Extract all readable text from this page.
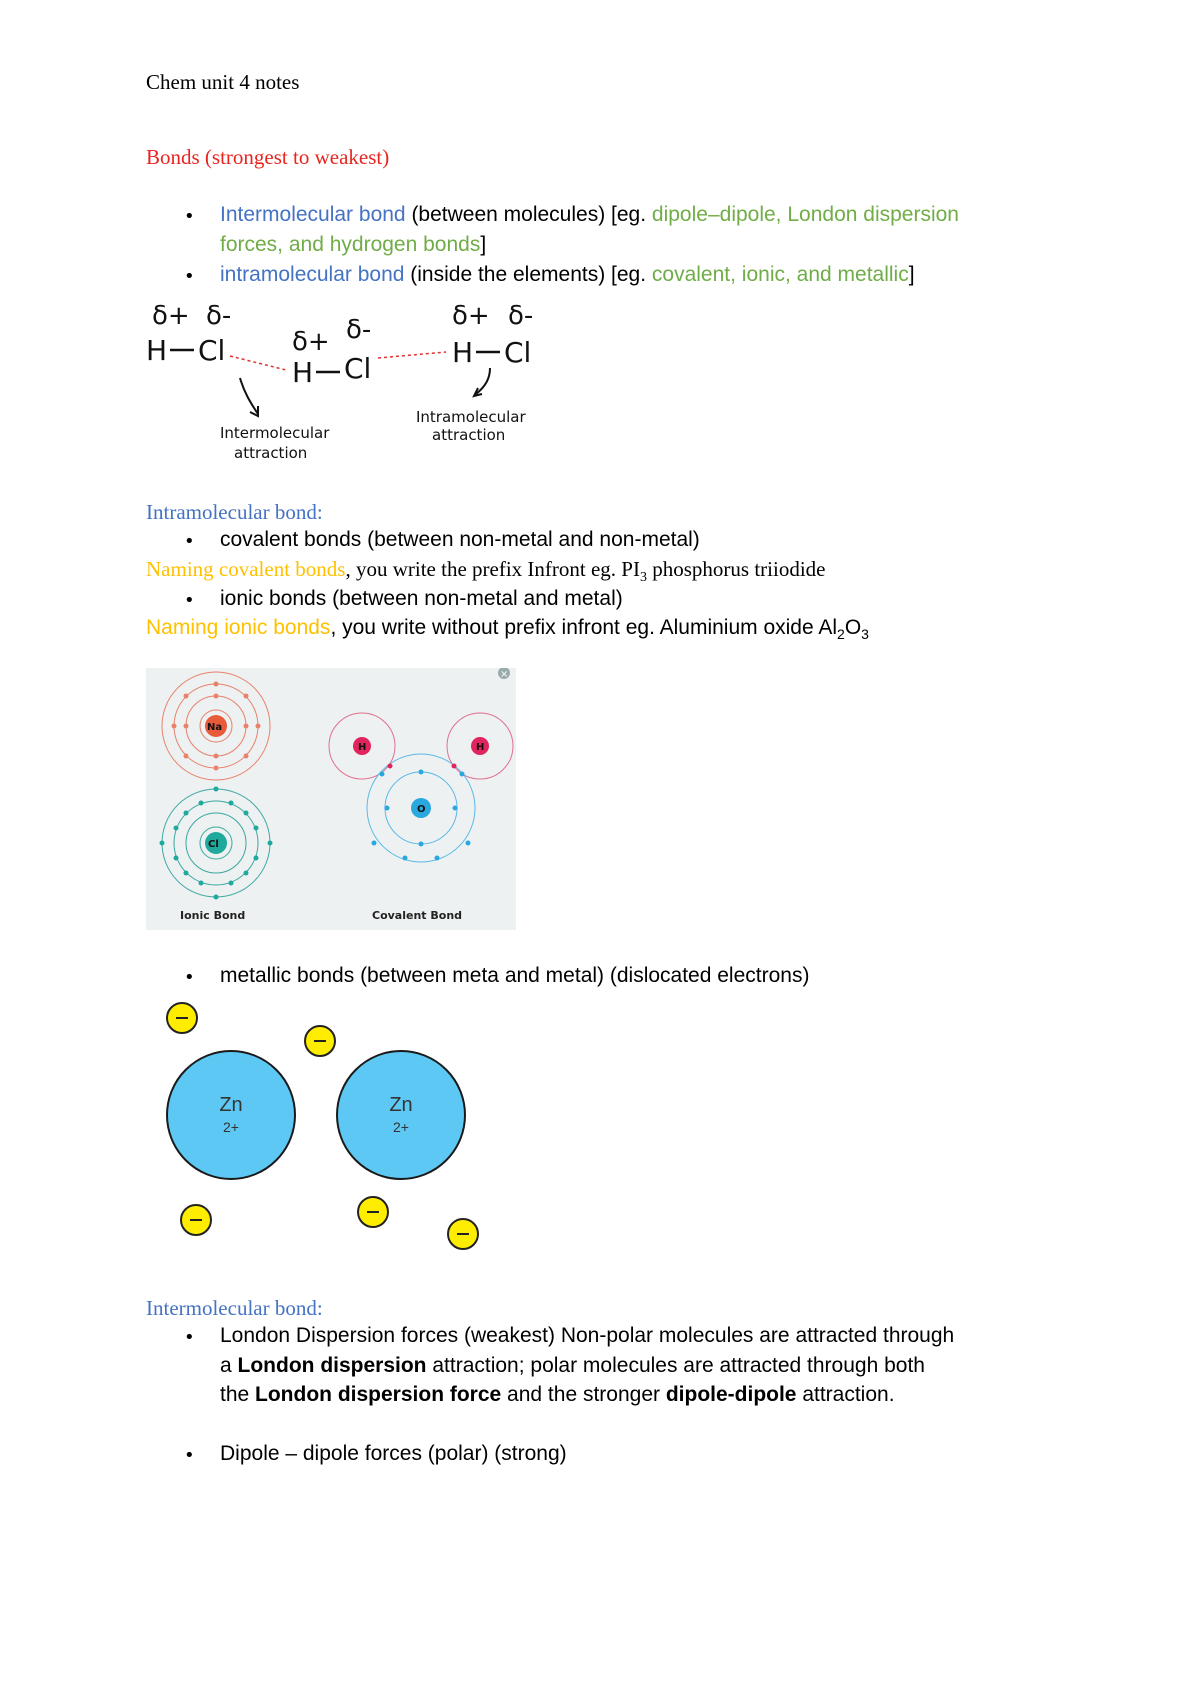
Chem unit 4 notes
Bonds (strongest to weakest)
• Intermolecular bond (between molecules) [eg. dipole–dipole, London dispersion
forces, and hydrogen bonds]
• intramolecular bond (inside the elements) [eg. covalent, ionic, and metallic]
δ+ δ-
H Cl	δ+ δ-
H Cl
δ+ δ-
H Cl
Intermolecular
attraction
Intramolecular
attraction
Intramolecular bond:
• covalent bonds (between non-metal and non-metal)
Naming covalent bonds, you write the prefix Infront eg. $PI_3$ phosphorus triiodide
• ionic bonds (between non-metal and metal)
Naming ionic bonds, you write without prefix infront eg. Aluminium oxide $Al_2O_3$
×
Na
Cl
H	H
O
Ionic Bond	Covalent Bond
• metallic bonds (between meta and metal) (dislocated electrons)
Zn
2+
Zn
2+
Intermolecular bond:
• London Dispersion forces (weakest) Non-polar molecules are attracted through
a London dispersion attraction; polar molecules are attracted through both
the London dispersion force and the stronger dipole-dipole attraction.
• Dipole – dipole forces (polar) (strong)
